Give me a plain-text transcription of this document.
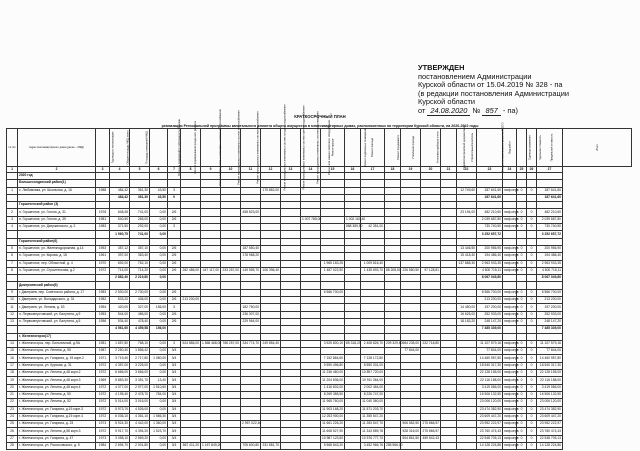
УТВЕРЖДЕН
постановлением Администрации
Курской области от 15.04.2019 № 328 - па
(в редакции постановления Администрации
Курской области
от 24.08.2020 № 857 - па)
КРАТКОСРОЧНЫЙ ПЛАН
реализации Региональной программы капитального ремонта общего имущества в многоквартирных домах, расположенных на территории Курской области, на 2020-2022 годы
№ п/п	Адрес многоквартирного дома (далее – МКД)	Год ввода в эксплуатацию	Общая площадь МКД, всего	Площадь помещений МКД	Площадь помещений в собственности граждан	Способ формирования фонда кап. ремонта	Ремонт внутридомовых инженерных систем электроснабжения	Ремонт внутридомовых инженерных систем теплоснабжения	Ремонт внутридомовых инженерных систем газоснабжения	Ремонт внутридомовых инженерных систем холодного водоснабжения	Ремонт внутридомовых инженерных систем горячего водоснабжения	Ремонт внутридомовых инженерных систем водоотведения	Ремонт или замена лифтового оборудования	Ремонт крыши	Ремонт подвальных помещений	Ремонт фасада	Ремонт фундамента	Утепление фасада	Установка приборов учета	Разработка проектной документации	Строительный контроль	Стоимость капитального ремонта ВСЕГО	Вид работ	Единица измерения	Удельная стоимость	Предельная стоимость	Итого
1	2	3	4	5	6	7	8	9	10	11	12	13	14	15	16	17	18	19	20	21	22	23	24	25	26	27	
	2020 год																										
	Большесолдатский район(1)																										
1	с. Любимовка, ул. Школьная, д. 16	1988	484,42	361,30	43,50	3					175 882,00										12 749,60	187 641,60	лиф.серв	0	0	187 641,60	
			484,42	361,30	43,50	0																187 641,60				187 641,60	
	Горшеченский район (3)																										
2	п. Горшечное, ул. Гоголя, д. 31	1976	648,45	741,00	0,00	2/6				458 823,00											23 194,00	482 210,60	лиф.серв	0	0	482 210,60	
3	п. Горшечное, ул. Гоголя, д. 35	1981	540,50	265,00	0,00	2/6							1 007 785,00		1 002 163,40							2 039 687,80	лиф.серв	0	0	2 039 687,80	
4	п. Горшечное, ул. Дзержинского, д. 2	1983	371,50	292,00	0,00	3									888 389,50	42 351,00						730 740,50	лиф.серв	0	0	730 740,50	
			1 560,75	741,00	0,00																	3 252 657,72				3 252 657,72	
	Горшеченский район(6)																										
5	п. Горшечное, ул. Железнодорожная, д.14	1953	357,12	357,10	0,00	2/6				187 550,40											13 446,50	200 956,90	лиф.серв	0	0	200 956,90	
6	п. Горшечное, ул. Кирова, д. 18	1961	397,00	363,40	0,00	2/6				178 968,20											15 418,40	194 486,40	лиф.серв	0	0	194 486,40	
7	п. Горшечное, пер. Областной, д. 4	1970	692,00	762,10	0,00	2/6								1 965 183,25		1 009 816,40					137 868,30	2 963 933,35	лиф.серв	0	0	2 963 933,35	
8	п. Горшечное, ул. Строительная, д.2	1972	714,00	714,20	0,00	2/6	282 486,00	447 117,00	233 257,00	149 555,70	106 396,40			1 487 022,50		1 435 693,70	88 208,50	226 580,50	97 128,81			4 600 715,11	лиф.серв	0	0	4 600 715,11	
			2 882,40	2 219,80	0,00																	8 067 049,80				8 067 049,80	
	Дмитриевский район(5)																										
9	г. Дмитриев, пер. Советского района, д. 17	1983	2 530,00	2 730,00	0,00	2/6								6 566 700,00								6 566 700,00	лиф.серв	0	0	6 566 700,00	
10	г. Дмитриев, ул. Володарского, д. 31	1982	533,20	436,00	0,00	2/6	213 200,00															213 200,00	лиф.серв	0	0	213 200,00	
11	г. Дмитриев, ул. Ленина, д. 53	1954	420,00	327,00	156,00	3				182 750,00											14 450,00	197 200,00	лиф.серв	0	0	197 200,00	
12	п. Первоавгустовский, ул. Балутина, д.9	1953	544,00	486,00	0,00	2/6				236 307,00											16 626,00	252 933,00	лиф.серв	0	0	252 933,00	
13	п. Первоавгустовский, ул. Балутина, д.5	1956	534,40	478,40	0,00	2/6				229 964,00											18 183,20	248 147,20	лиф.серв	0	0	248 147,20	
			4 561,60	4 459,58	156,00																	7 485 339,00				7 485 339,00	
	г. Железногорск(17)																										
14	г. Железногорск, пер. Больничный, д.9А	1981	1 657,80	768,10	0,00	3	524 886,00	1 868 468,00	768 257,00	334 774,70	249 854,40			3 525 800,10	85 318,20	2 408 826,70	209 329,60	564 235,00	222 718,80			11 107 579,16	лиф.серв	0	0	11 107 579,16	
15	г. Железногорск, ул. Ленина, д. 55	1987	2 250,40	1 856,42	0,00	3/4												77 844,00				77 844,00	лиф.серв	0	0	77 844,00	
16	г. Железногорск, ул. Гагарина, д. 19 корп.2	1971	3 719,40	2 717,80	1 080,00	3/4								7 152 864,60		7 128 172,80						14 460 957,80	лиф.серв	0	0	14 460 957,80	
17	г. Железногорск, ул. Курская, д. 31	1972	4 357,00	3 225,00	0,00	3/4								9 590 496,80		8 550 331,00						18 540 317,30	лиф.серв	0	0	18 540 317,30	
18	г. Железногорск, ул. Ленина, д.48 корп.2	1972	6 666,00	3 666,00	0,00	3/4								11 236 460,00		10 897 720,00						22 128 155,00	лиф.серв	0	0	22 128 155,00	
19	г. Железногорск, ул. Ленина, д.48 корп.3	1969	5 883,30	3 351,70	13,40	3/4								11 204 836,00		10 911 364,00						22 116 188,00	лиф.серв	0	0	22 116 188,00	
20	г. Железногорск, ул. Ленина, д.48 корп.4	1972	4 077,00	2 977,00	1 510,60	3/4								1 416 602,00		2 002 464,00						3 419 066,00	лиф.серв	0	0	3 419 066,00	
21	г. Железногорск, ул. Ленина, д. 50	1972	4 195,40	2 478,70	784,00	3/4								8 269 385,50		8 226 747,00						16 506 132,50	лиф.серв	0	0	16 506 132,50	
22	г. Железногорск, ул. Ленина, д. 52	1972	5 014,00	3 016,00	0,00	3/4								11 965 760,00		11 040 360,00						23 006 120,00	лиф.серв	0	0	23 006 120,00	
23	г. Железногорск, ул. Гагарина, д.19 корп.3	1972	5 973,70	4 526,00	0,00	3/4								11 903 168,20		11 571 203,70						23 474 382,90	лиф.серв	0	0	23 474 382,90	
24	г. Железногорск, ул. Гагарина, д.19 корп.4	1972	6 036,10	4 361,10	1 586,30	3/4								12 253 900,00		11 355 547,20						23 609 447,20	лиф.серв	0	0	23 609 447,20	
25	г. Железногорск, ул. Гагарина, д. 23	1973	5 924,30	4 442,00	1 360,00	3/4				2 957 022,40				11 661 226,20		11 283 547,70		506 582,50	275 866,57			23 952 222,97	лиф.серв	0	0	23 952 222,97	
26	г. Железногорск, ул. Ленина, д.58 корп.3	1972	5 917,70	4 394,20	1 523,70	3/4								11 608 527,90		11 343 589,78		528 316,00	275 866,57			23 760 474,43	лиф.серв	0	0	23 760 474,43	
27	г. Железногорск, ул. Гагарина, д. 47	1973	3 058,10	2 569,20	0,00	3/4								10 987 123,50		10 576 777,70		504 861,50	459 542,43			22 548 705,13	лиф.серв	0	0	22 548 705,13	
28	г. Железногорск, ул. Рокоссовского, д. 5	1984	2 694,70	2 001,80	0,00	3/4	867 411,20	1 167 849,20		705 600,80	331 581,70			5 568 843,20		3 452 966,76	255 966,00					14 128 224,86	лиф.серв	0	0	14 128 224,86	
